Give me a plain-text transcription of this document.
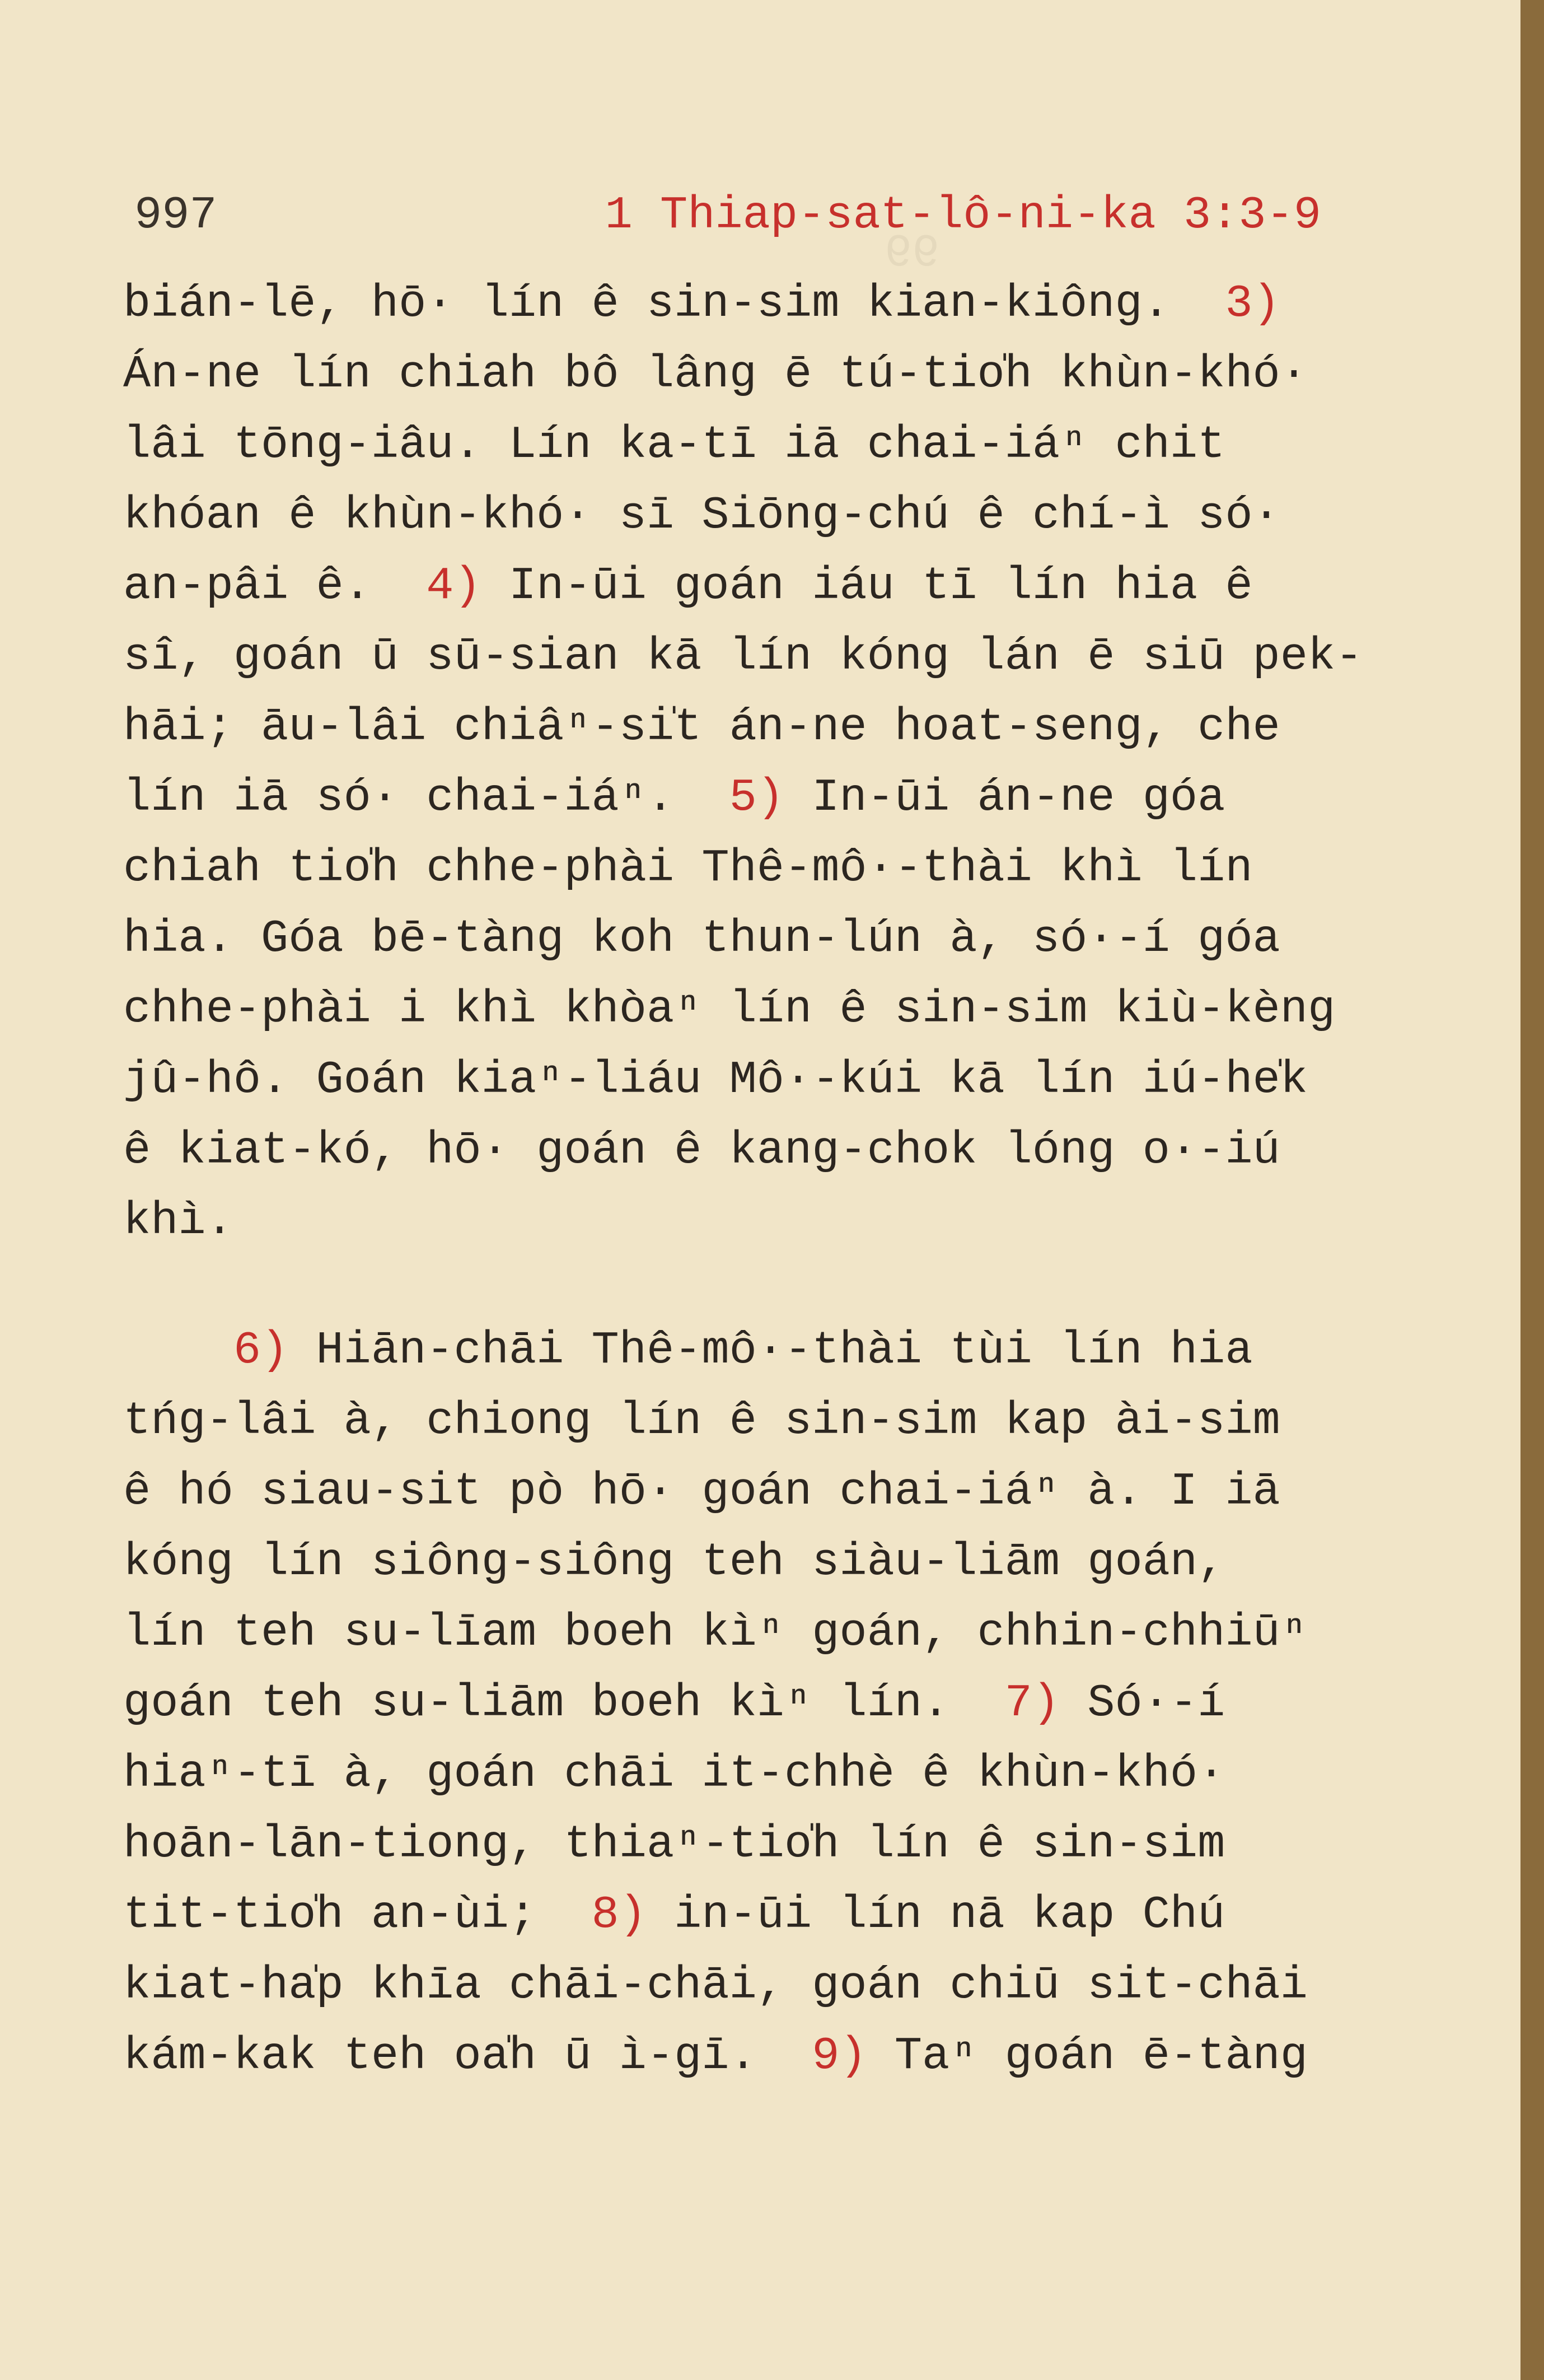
99
997	1 Thiap-sat-lô-ni-ka 3:3-9
bián-lē, hō· lín ê sin-sim kian-kiông.  3)
Án-ne lín chiah bô lâng ē tú-tio̍h khùn-khó·
lâi tōng-iâu. Lín ka-tī iā chai-iáⁿ chit
khóan ê khùn-khó· sī Siōng-chú ê chí-ì só·
an-pâi ê.  4) In-ūi goán iáu tī lín hia ê
sî, goán ū sū-sian kā lín kóng lán ē siū pek-
hāi; āu-lâi chiâⁿ-si̍t án-ne hoat-seng, che
lín iā só· chai-iáⁿ.  5) In-ūi án-ne góa
chiah tio̍h chhe-phài Thê-mô·-thài khì lín
hia. Góa bē-tàng koh thun-lún à, só·-í góa
chhe-phài i khì khòaⁿ lín ê sin-sim kiù-kèng
jû-hô. Goán kiaⁿ-liáu Mô·-kúi kā lín iú-he̍k
ê kiat-kó, hō· goán ê kang-chok lóng o·-iú
khì.
6) Hiān-chāi Thê-mô·-thài tùi lín hia
tńg-lâi à, chiong lín ê sin-sim kap ài-sim
ê hó siau-sit pò hō· goán chai-iáⁿ à. I iā
kóng lín siông-siông teh siàu-liām goán,
lín teh su-līam boeh kìⁿ goán, chhin-chhiūⁿ
goán teh su-liām boeh kìⁿ lín.  7) Só·-í
hiaⁿ-tī à, goán chāi it-chhè ê khùn-khó·
hoān-lān-tiong, thiaⁿ-tio̍h lín ê sin-sim
tit-tio̍h an-ùi;  8) in-ūi lín nā kap Chú
kiat-ha̍p khīa chāi-chāi, goán chiū sit-chāi
kám-kak teh oa̍h ū ì-gī.  9) Taⁿ goán ē-tàng
